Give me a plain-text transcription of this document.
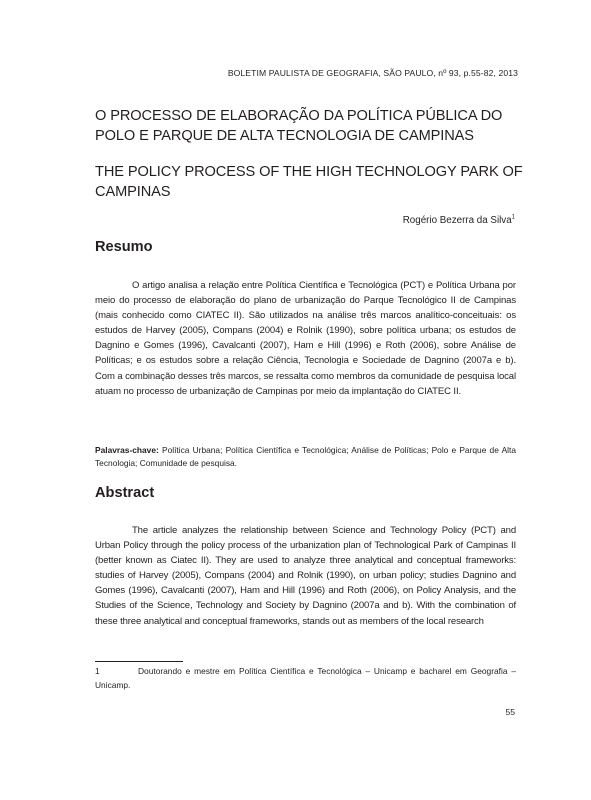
BOLETIM PAULISTA DE GEOGRAFIA, SÃO PAULO, nº 93, p.55-82, 2013
O PROCESSO DE ELABORAÇÃO DA POLÍTICA PÚBLICA DO POLO E PARQUE DE ALTA TECNOLOGIA DE CAMPINAS
THE POLICY PROCESS OF THE HIGH TECHNOLOGY PARK OF CAMPINAS
Rogério Bezerra da Silva$^1$
Resumo

O artigo analisa a relação entre Política Científica e Tecnológica (PCT) e Política Urbana por meio do processo de elaboração do plano de urbanização do Parque Tecnológico II de Campinas (mais conhecido como CIATEC II). São utilizados na análise três marcos analítico-conceituais: os estudos de Harvey (2005), Compans (2004) e Rolnik (1990), sobre política urbana; os estudos de Dagnino e Gomes (1996), Cavalcanti (2007), Ham e Hill (1996) e Roth (2006), sobre Análise de Políticas; e os estudos sobre a relação Ciência, Tecnologia e Sociedade de Dagnino (2007a e b). Com a combinação desses três marcos, se ressalta como membros da comunidade de pesquisa local atuam no processo de urbanização de Campinas por meio da implantação do CIATEC II.

Palavras-chave: Política Urbana; Política Científica e Tecnológica; Análise de Políticas; Polo e Parque de Alta Tecnologia; Comunidade de pesquisa.

Abstract

The article analyzes the relationship between Science and Technology Policy (PCT) and Urban Policy through the policy process of the urbanization plan of Technological Park of Campinas II (better known as Ciatec II). They are used to analyze three analytical and conceptual frameworks: studies of Harvey (2005), Compans (2004) and Rolnik (1990), on urban policy; studies Dagnino and Gomes (1996), Cavalcanti (2007), Ham and Hill (1996) and Roth (2006), on Policy Analysis, and the Studies of the Science, Technology and Society by Dagnino (2007a and b). With the combination of these three analytical and conceptual frameworks, stands out as members of the local research

1	Doutorando e mestre em Política Científica e Tecnológica – Unicamp e bacharel em Geografia – Unicamp.

55
